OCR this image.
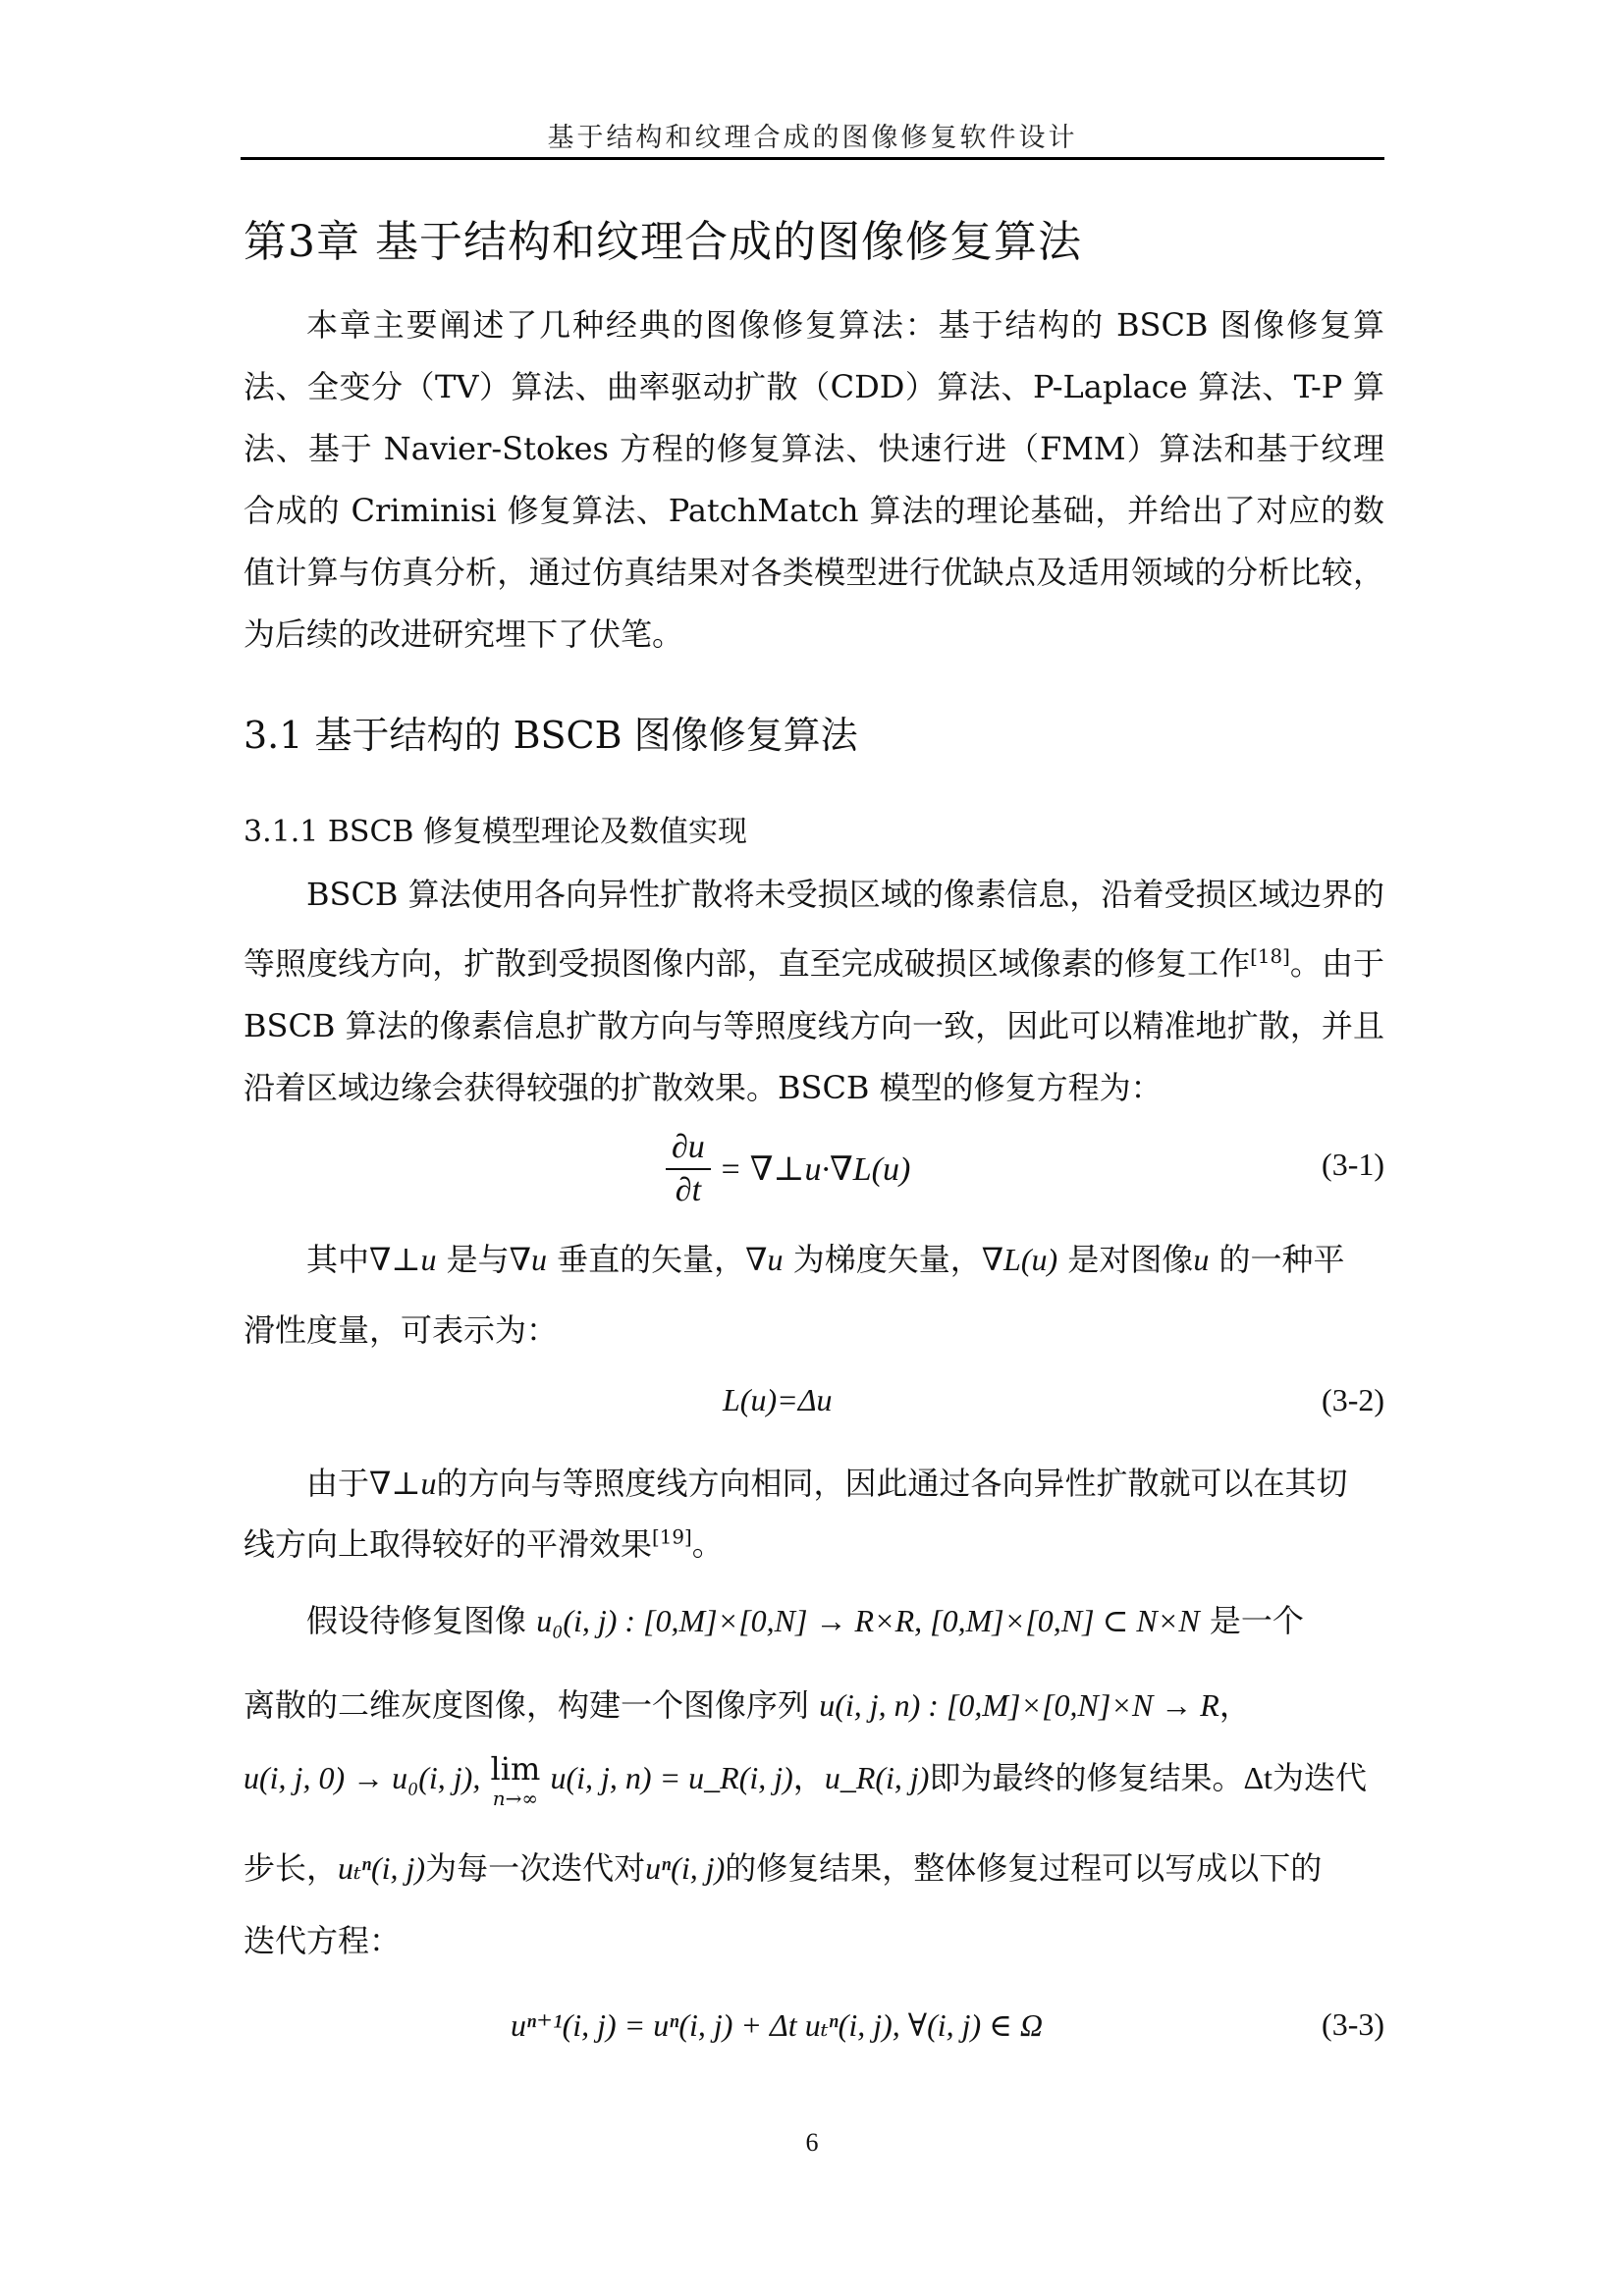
基于结构和纹理合成的图像修复软件设计
第3章 基于结构和纹理合成的图像修复算法

本章主要阐述了几种经典的图像修复算法：基于结构的 BSCB 图像修复算法、全变分（TV）算法、曲率驱动扩散（CDD）算法、P-Laplace 算法、T-P 算法、基于 Navier-Stokes 方程的修复算法、快速行进（FMM）算法和基于纹理合成的 Criminisi 修复算法、PatchMatch 算法的理论基础，并给出了对应的数值计算与仿真分析，通过仿真结果对各类模型进行优缺点及适用领域的分析比较，为后续的改进研究埋下了伏笔。

3.1 基于结构的 BSCB 图像修复算法
3.1.1 BSCB 修复模型理论及数值实现

BSCB 算法使用各向异性扩散将未受损区域的像素信息，沿着受损区域边界的等照度线方向，扩散到受损图像内部，直至完成破损区域像素的修复工作[18]。由于 BSCB 算法的像素信息扩散方向与等照度线方向一致，因此可以精准地扩散，并且沿着区域边缘会获得较强的扩散效果。BSCB 模型的修复方程为：

$\frac{\partial u}{\partial t}$ = ∇⊥u·∇L(u)	(3-1)
其中∇⊥u 是与∇u 垂直的矢量，∇u 为梯度矢量，∇L(u) 是对图像u 的一种平
滑性度量，可表示为：
L(u)=Δu	(3-2)
由于∇⊥u的方向与等照度线方向相同，因此通过各向异性扩散就可以在其切
线方向上取得较好的平滑效果[19]。
假设待修复图像 u₀(i, j) : [0,M]×[0,N] → R×R, [0,M]×[0,N] ⊂ N×N 是一个
离散的二维灰度图像，构建一个图像序列 u(i, j, n) : [0,M]×[0,N]×N → R，
u(i, j, 0) → u₀(i, j), lim
n→∞
u(i, j, n) = u_R(i, j)，u_R(i, j)即为最终的修复结果。Δt为迭代
步长，uₜⁿ(i, j)为每一次迭代对uⁿ(i, j)的修复结果，整体修复过程可以写成以下的
迭代方程：
uⁿ⁺¹(i, j) = uⁿ(i, j) + Δt uₜⁿ(i, j), ∀(i, j) ∈ Ω	(3-3)
6
